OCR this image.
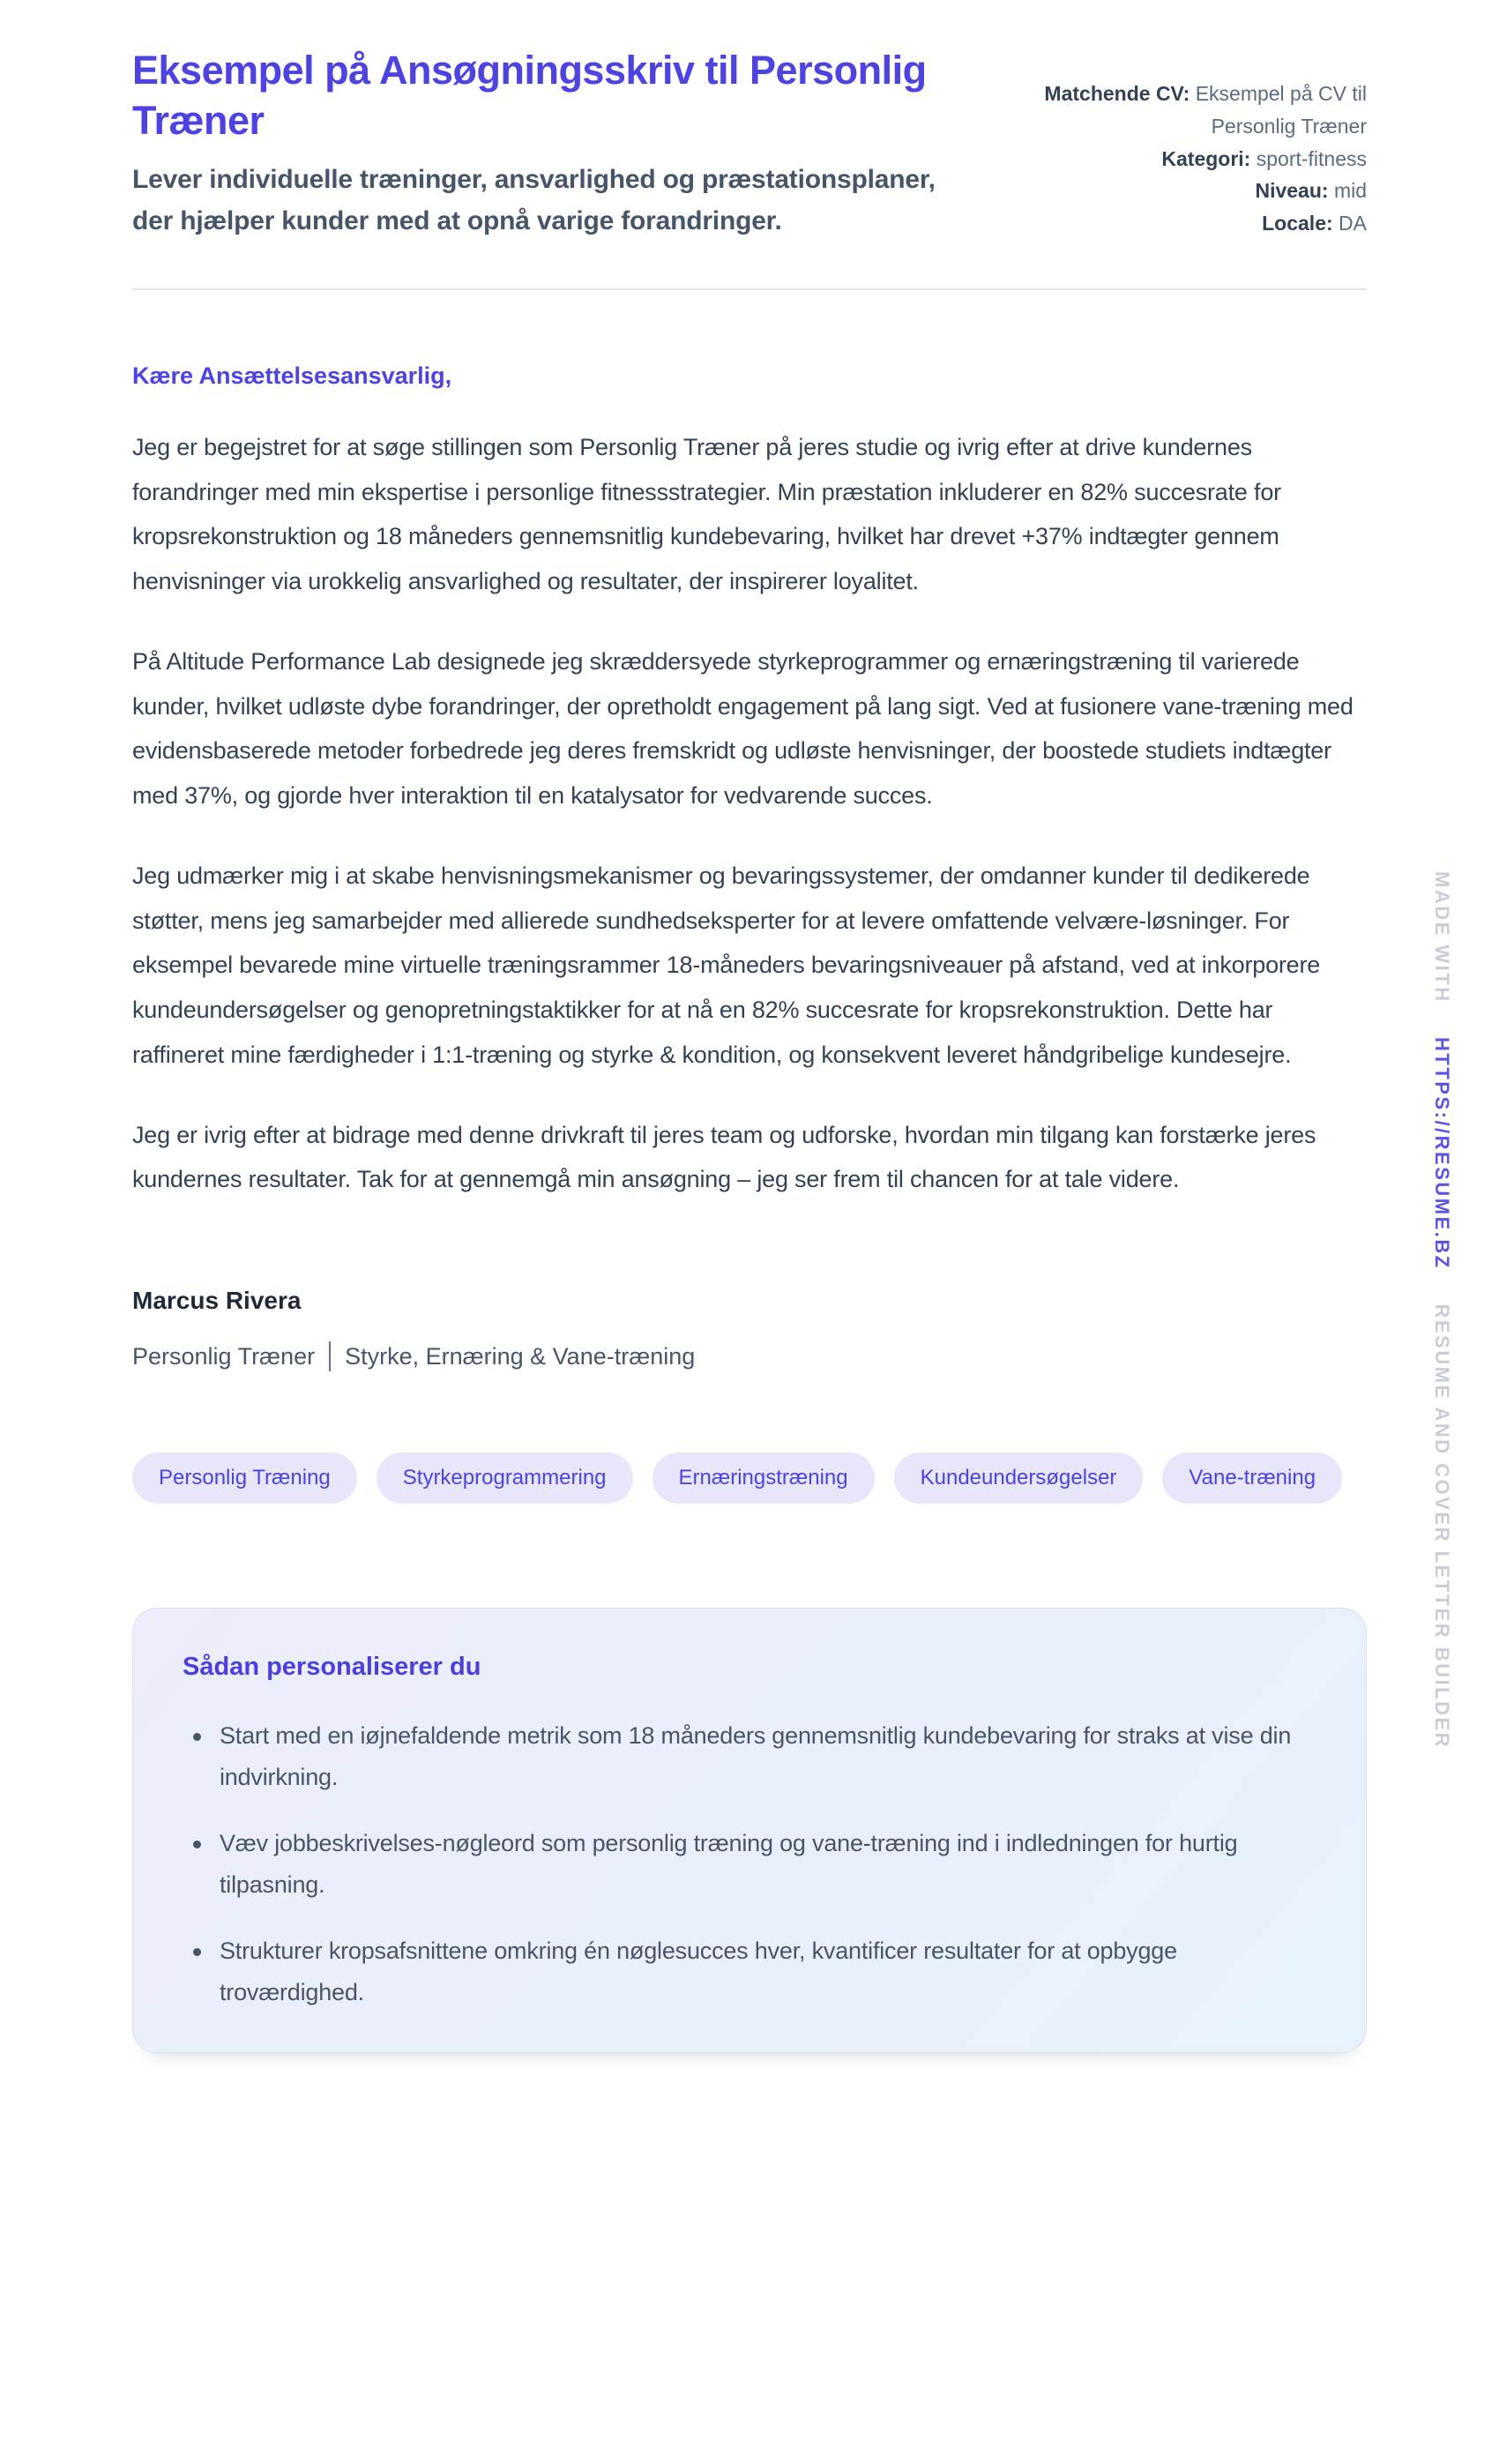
Eksempel på Ansøgningsskriv til Personlig Træner
Lever individuelle træninger, ansvarlighed og præstationsplaner, der hjælper kunder med at opnå varige forandringer.
Matchende CV: Eksempel på CV til Personlig Træner
Kategori: sport-fitness
Niveau: mid
Locale: DA
Kære Ansættelsesansvarlig,

Jeg er begejstret for at søge stillingen som Personlig Træner på jeres studie og ivrig efter at drive kundernes forandringer med min ekspertise i personlige fitnessstrategier. Min præstation inkluderer en 82% succesrate for kropsrekonstruktion og 18 måneders gennemsnitlig kundebevaring, hvilket har drevet +37% indtægter gennem henvisninger via urokkelig ansvarlighed og resultater, der inspirerer loyalitet.

På Altitude Performance Lab designede jeg skræddersyede styrkeprogrammer og ernæringstræning til varierede kunder, hvilket udløste dybe forandringer, der opretholdt engagement på lang sigt. Ved at fusionere vane-træning med evidensbaserede metoder forbedrede jeg deres fremskridt og udløste henvisninger, der boostede studiets indtægter med 37%, og gjorde hver interaktion til en katalysator for vedvarende succes.

Jeg udmærker mig i at skabe henvisningsmekanismer og bevaringssystemer, der omdanner kunder til dedikerede støtter, mens jeg samarbejder med allierede sundhedseksperter for at levere omfattende velvære-løsninger. For eksempel bevarede mine virtuelle træningsrammer 18-måneders bevaringsniveauer på afstand, ved at inkorporere kundeundersøgelser og genopretningstaktikker for at nå en 82% succesrate for kropsrekonstruktion. Dette har raffineret mine færdigheder i 1:1-træning og styrke & kondition, og konsekvent leveret håndgribelige kundesejre.

Jeg er ivrig efter at bidrage med denne drivkraft til jeres team og udforske, hvordan min tilgang kan forstærke jeres kundernes resultater. Tak for at gennemgå min ansøgning – jeg ser frem til chancen for at tale videre.

Marcus Rivera
Personlig Træner Styrke, Ernæring & Vane-træning
Personlig Træning	Styrkeprogrammering	Ernæringstræning	Kundeundersøgelser	Vane-træning
Sådan personaliserer du
Start med en iøjnefaldende metrik som 18 måneders gennemsnitlig kundebevaring for straks at vise din indvirkning.
Væv jobbeskrivelses-nøgleord som personlig træning og vane-træning ind i indledningen for hurtig tilpasning.
Strukturer kropsafsnittene omkring én nøglesucces hver, kvantificer resultater for at opbygge troværdighed.
MADE WITH HTTPS://RESUME.BZ RESUME AND COVER LETTER BUILDER
